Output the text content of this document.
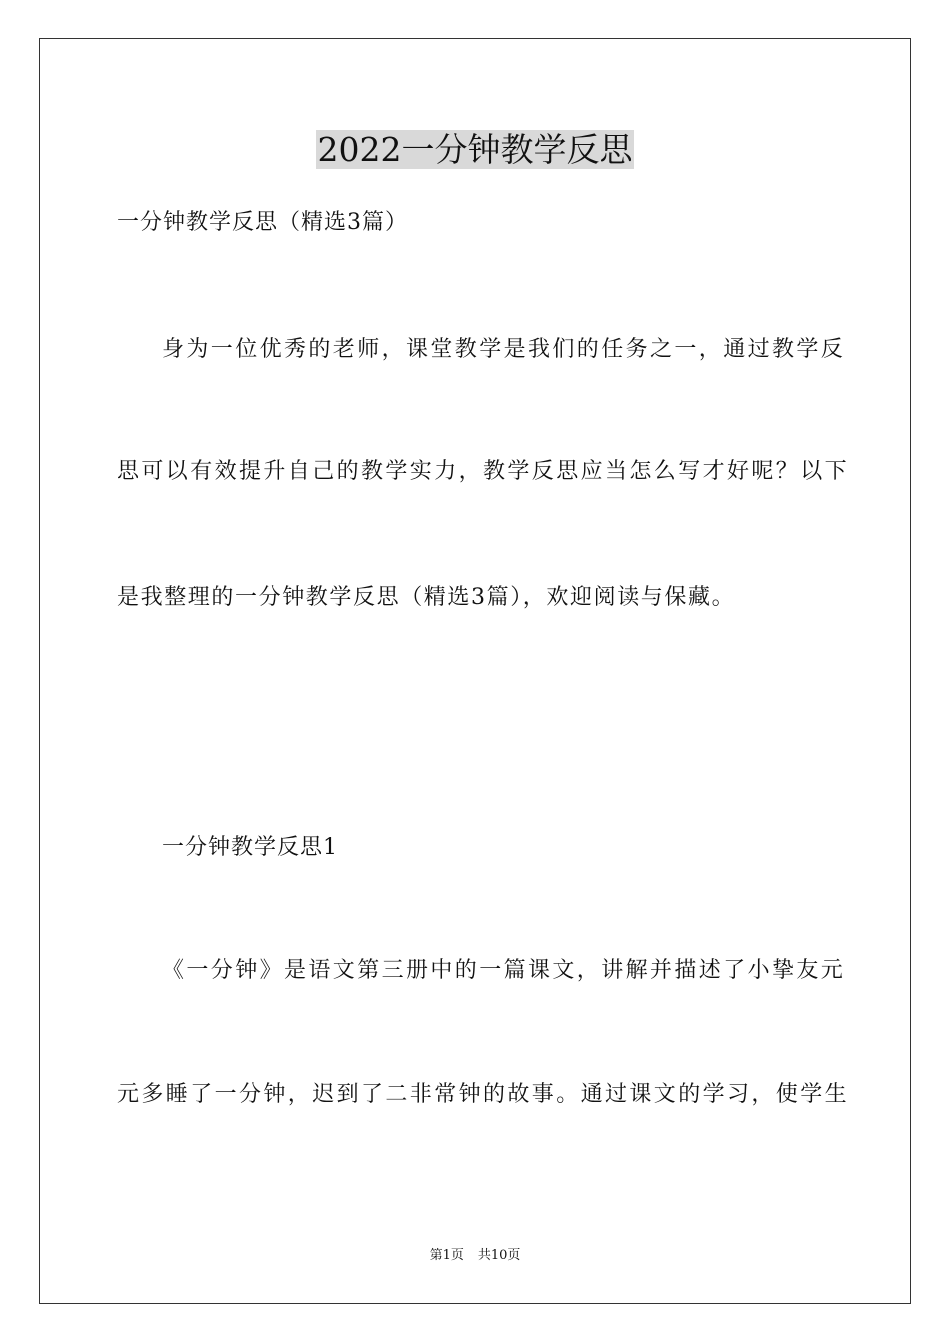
2022一分钟教学反思
一分钟教学反思（精选3篇）
身为一位优秀的老师，课堂教学是我们的任务之一，通过教学反
思可以有效提升自己的教学实力，教学反思应当怎么写才好呢？以下
是我整理的一分钟教学反思（精选3篇），欢迎阅读与保藏。
一分钟教学反思1
《一分钟》是语文第三册中的一篇课文，讲解并描述了小挚友元
元多睡了一分钟，迟到了二非常钟的故事。通过课文的学习，使学生
第1页 共10页
